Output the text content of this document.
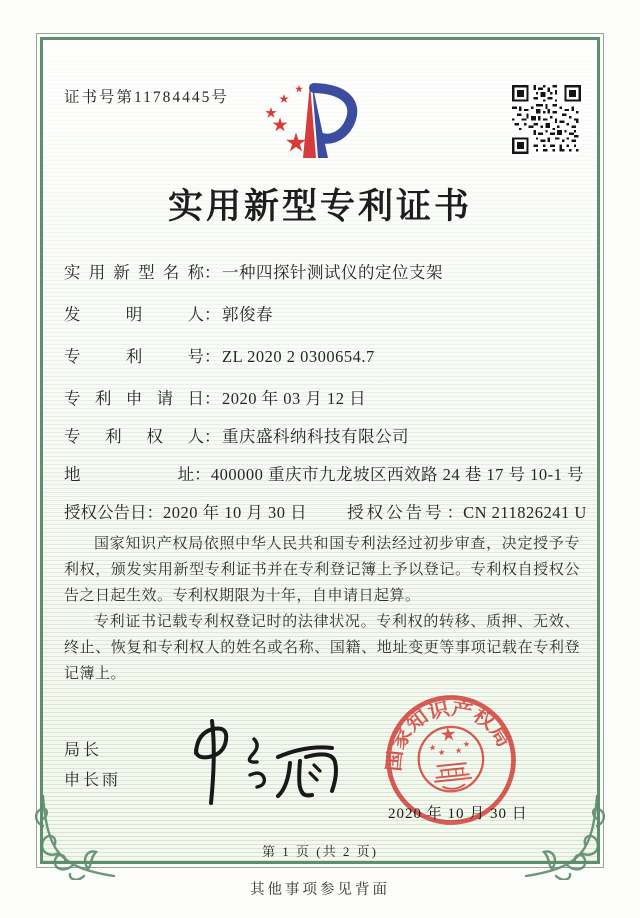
证书号第11784445号
实用新型专利证书
实用新型名称 ： 一种四探针测试仪的定位支架
发明人 ： 郭俊春
专利号 ： ZL 2020 2 0300654.7
专利申请日 ： 2020 年 03 月 12 日
专利权人 ： 重庆盛科纳科技有限公司
地址 ： 400000 重庆市九龙坡区西效路 24 巷 17 号 10-1 号
授权公告日 ： 2020 年 10 月 30 日 授权公告号 ： CN 211826241 U

国家知识产权局依照中华人民共和国专利法经过初步审查，决定授予专利权，颁发实用新型专利证书并在专利登记簿上予以登记。专利权自授权公告之日起生效。专利权期限为十年，自申请日起算。

专利证书记载专利权登记时的法律状况。专利权的转移、质押、无效、终止、恢复和专利权人的姓名或名称、国籍、地址变更等事项记载在专利登记簿上。

局长
申长雨
国家知识产权局
2020 年 10 月 30 日
第 1 页 (共 2 页)
其他事项参见背面
